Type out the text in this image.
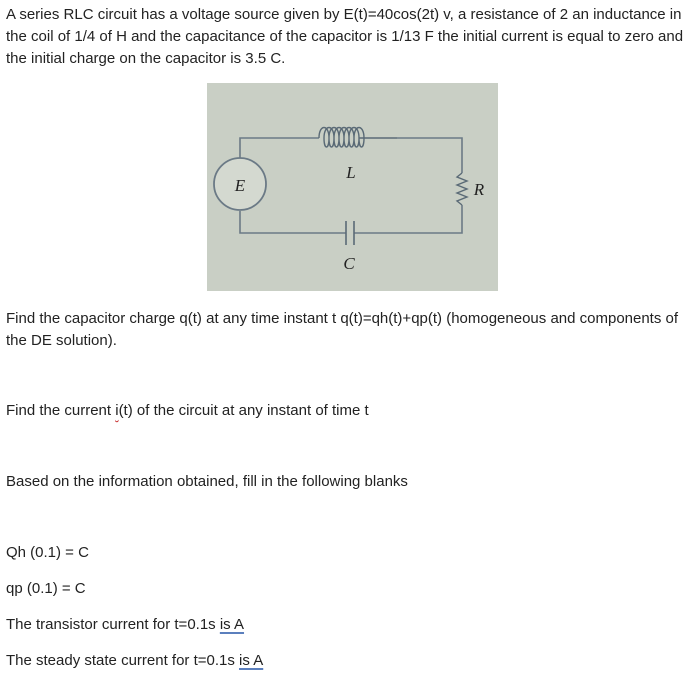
A series RLC circuit has a voltage source given by E(t)=40cos(2t) v, a resistance of 2 an inductance in the coil of 1/4 of H and the capacitance of the capacitor is 1/13 F the initial current is equal to zero and the initial charge on the capacitor is 3.5 C.

E
L
R
C

Find the capacitor charge q(t) at any time instant t q(t)=qh(t)+qp(t) (homogeneous and components of the DE solution).

Find the current i(t) of the circuit at any instant of time t

Based on the information obtained, fill in the following blanks

Qh (0.1) = C

qp (0.1) = C

The transistor current for t=0.1s is A

The steady state current for t=0.1s is A
